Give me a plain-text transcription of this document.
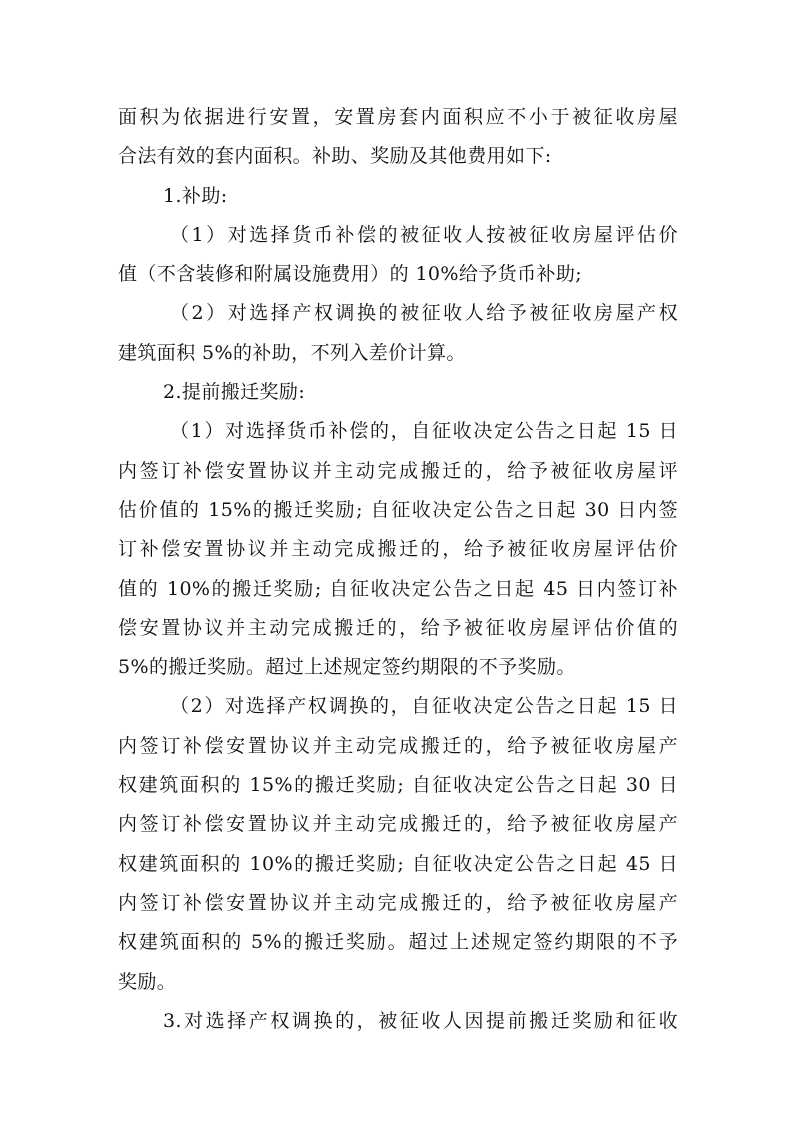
面积为依据进行安置，安置房套内面积应不小于被征收房屋
合法有效的套内面积。补助、奖励及其他费用如下:
1.补助:
（1）对选择货币补偿的被征收人按被征收房屋评估价
值（不含装修和附属设施费用）的 10%给予货币补助;
（2）对选择产权调换的被征收人给予被征收房屋产权
建筑面积 5%的补助，不列入差价计算。
2.提前搬迁奖励:
（1）对选择货币补偿的，自征收决定公告之日起 15 日
内签订补偿安置协议并主动完成搬迁的，给予被征收房屋评
估价值的 15%的搬迁奖励; 自征收决定公告之日起 30 日内签
订补偿安置协议并主动完成搬迁的，给予被征收房屋评估价
值的 10%的搬迁奖励; 自征收决定公告之日起 45 日内签订补
偿安置协议并主动完成搬迁的，给予被征收房屋评估价值的
5%的搬迁奖励。超过上述规定签约期限的不予奖励。
（2）对选择产权调换的，自征收决定公告之日起 15 日
内签订补偿安置协议并主动完成搬迁的，给予被征收房屋产
权建筑面积的 15%的搬迁奖励; 自征收决定公告之日起 30 日
内签订补偿安置协议并主动完成搬迁的，给予被征收房屋产
权建筑面积的 10%的搬迁奖励; 自征收决定公告之日起 45 日
内签订补偿安置协议并主动完成搬迁的，给予被征收房屋产
权建筑面积的 5%的搬迁奖励。超过上述规定签约期限的不予
奖励。
3.对选择产权调换的，被征收人因提前搬迁奖励和征收
